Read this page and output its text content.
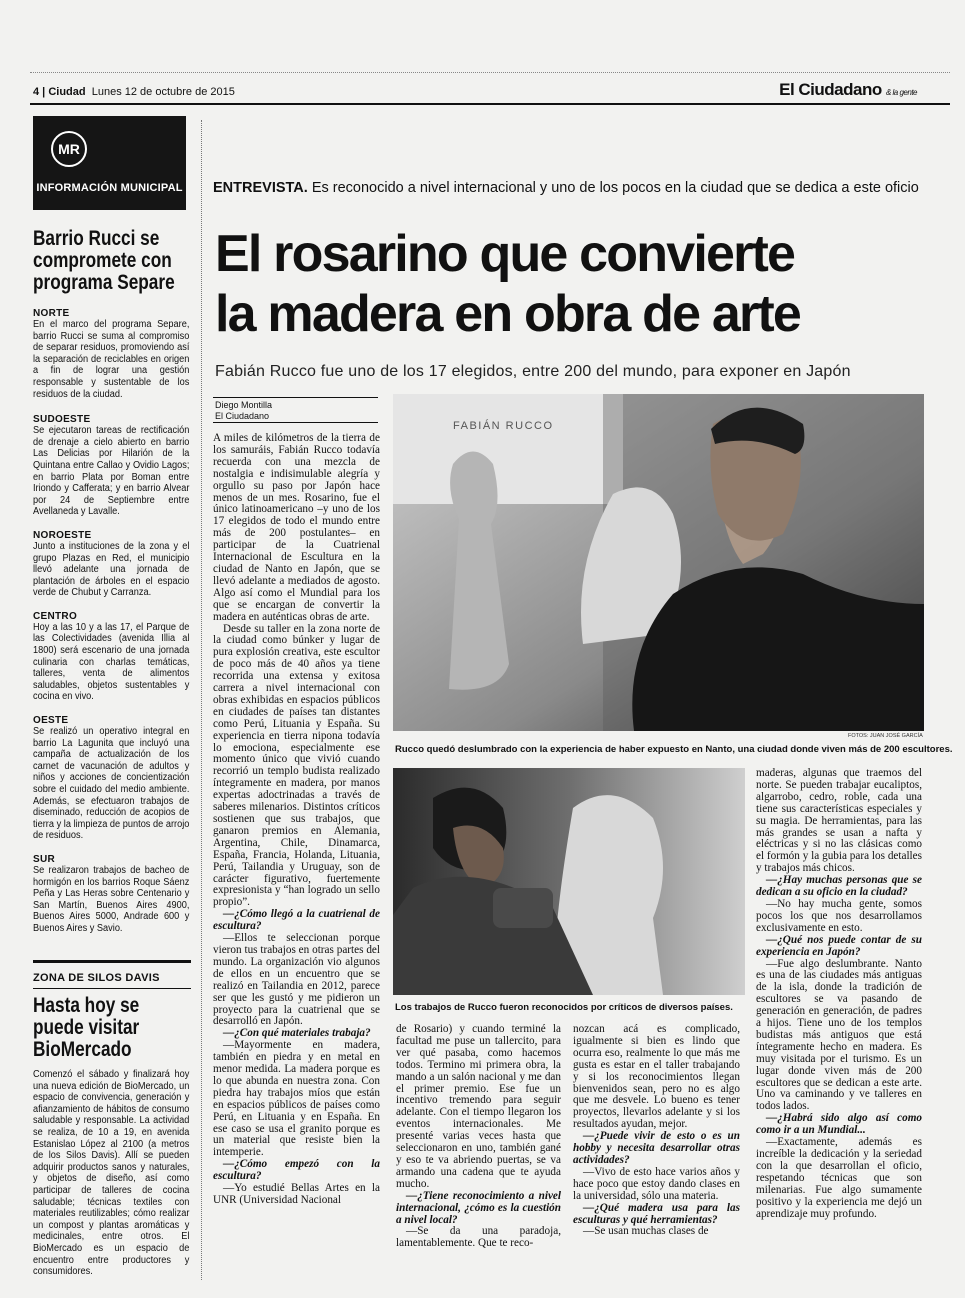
4 | Ciudad Lunes 12 de octubre de 2015	El Ciudadano & la gente
MR
INFORMACIÓN MUNICIPAL
Barrio Rucci se compromete con programa Separe
NORTE

En el marco del programa Separe, barrio Rucci se suma al compromiso de separar residuos, promoviendo así la separación de reciclables en origen a fin de lograr una gestión responsable y sustentable de los residuos de la ciudad.

SUDOESTE

Se ejecutaron tareas de rectificación de drenaje a cielo abierto en barrio Las Delicias por Hilarión de la Quintana entre Callao y Ovidio Lagos; en barrio Plata por Boman entre Iriondo y Cafferata; y en barrio Alvear por 24 de Septiembre entre Avellaneda y Lavalle.

NOROESTE

Junto a instituciones de la zona y el grupo Plazas en Red, el municipio llevó adelante una jornada de plantación de árboles en el espacio verde de Chubut y Carranza.

CENTRO

Hoy a las 10 y a las 17, el Parque de las Colectividades (avenida Illia al 1800) será escenario de una jornada culinaria con charlas temáticas, talleres, venta de alimentos saludables, objetos sustentables y cocina en vivo.

OESTE

Se realizó un operativo integral en barrio La Lagunita que incluyó una campaña de actualización de los carnet de vacunación de adultos y niños y acciones de concientización sobre el cuidado del medio ambiente. Además, se efectuaron trabajos de diseminado, reducción de acopios de tierra y la limpieza de puntos de arrojo de residuos.

SUR

Se realizaron trabajos de bacheo de hormigón en los barrios Roque Sáenz Peña y Las Heras sobre Centenario y San Martín, Buenos Aires 4900, Buenos Aires 5000, Andrade 600 y Buenos Aires y Savio.

ZONA DE SILOS DAVIS
Hasta hoy se puede visitar BioMercado

Comenzó el sábado y finalizará hoy una nueva edición de BioMercado, un espacio de convivencia, generación y afianzamiento de hábitos de consumo saludable y responsable. La actividad se realiza, de 10 a 19, en avenida Estanislao López al 2100 (a metros de los Silos Davis). Allí se pueden adquirir productos sanos y naturales, y objetos de diseño, así como participar de talleres de cocina saludable; técnicas textiles con materiales reutilizables; cómo realizar un compost y plantas aromáticas y medicinales, entre otros. El BioMercado es un espacio de encuentro entre productores y consumidores.

ENTREVISTA. Es reconocido a nivel internacional y uno de los pocos en la ciudad que se dedica a este oficio
El rosarino que convierte
la madera en obra de arte
Fabián Rucco fue uno de los 17 elegidos, entre 200 del mundo, para exponer en Japón
Diego Montilla
El Ciudadano
FABIÁN RUCCO
FOTOS: JUAN JOSÉ GARCÍA
Rucco quedó deslumbrado con la experiencia de haber expuesto en Nanto, una ciudad donde viven más de 200 escultores.
Los trabajos de Rucco fueron reconocidos por críticos de diversos países.

A miles de kilómetros de la tierra de los samuráis, Fabián Rucco todavía recuerda con una mezcla de nostalgia e indisimulable alegría y orgullo su paso por Japón hace menos de un mes. Rosarino, fue el único latinoamericano –y uno de los 17 elegidos de todo el mundo entre más de 200 postulantes– en participar de la Cuatrienal Internacional de Escultura en la ciudad de Nanto en Japón, que se llevó adelante a mediados de agosto. Algo así como el Mundial para los que se encargan de convertir la madera en auténticas obras de arte.

Desde su taller en la zona norte de la ciudad como búnker y lugar de pura explosión creativa, este escultor de poco más de 40 años ya tiene recorrida una extensa y exitosa carrera a nivel internacional con obras exhibidas en espacios públicos en ciudades de países tan distantes como Perú, Lituania y España. Su experiencia en tierra nipona todavía lo emociona, especialmente ese momento único que vivió cuando recorrió un templo budista realizado íntegramente en madera, por manos expertas adoctrinadas a través de saberes milenarios. Distintos críticos sostienen que sus trabajos, que ganaron premios en Alemania, Argentina, Chile, Dinamarca, España, Francia, Holanda, Lituania, Perú, Tailandia y Uruguay, son de carácter figurativo, fuertemente expresionista y “han logrado un sello propio”.

—¿Cómo llegó a la cuatrienal de escultura?

—Ellos te seleccionan porque vieron tus trabajos en otras partes del mundo. La organización vio algunos de ellos en un encuentro que se realizó en Tailandia en 2012, parece ser que les gustó y me pidieron un proyecto para la cuatrienal que se desarrolló en Japón.

—¿Con qué materiales trabaja?

—Mayormente en madera, también en piedra y en metal en menor medida. La madera porque es lo que abunda en nuestra zona. Con piedra hay trabajos míos que están en espacios públicos de países como Perú, en Lituania y en España. En ese caso se usa el granito porque es un material que resiste bien la intemperie.

—¿Cómo empezó con la escultura?

—Yo estudié Bellas Artes en la UNR (Universidad Nacional

de Rosario) y cuando terminé la facultad me puse un tallercito, para ver qué pasaba, como hacemos todos. Termino mi primera obra, la mando a un salón nacional y me dan el primer premio. Ese fue un incentivo tremendo para seguir adelante. Con el tiempo llegaron los eventos internacionales. Me presenté varias veces hasta que seleccionaron en uno, también gané y eso te va abriendo puertas, se va armando una cadena que te ayuda mucho.

—¿Tiene reconocimiento a nivel internacional, ¿cómo es la cuestión a nivel local?

—Se da una paradoja, lamentablemente. Que te reco-

nozcan acá es complicado, igualmente si bien es lindo que ocurra eso, realmente lo que más me gusta es estar en el taller trabajando y si los reconocimientos llegan bienvenidos sean, pero no es algo que me desvele. Lo bueno es tener proyectos, llevarlos adelante y si los resultados ayudan, mejor.

—¿Puede vivir de esto o es un hobby y necesita desarrollar otras actividades?

—Vivo de esto hace varios años y hace poco que estoy dando clases en la universidad, sólo una materia.

—¿Qué madera usa para las esculturas y qué herramientas?

—Se usan muchas clases de

maderas, algunas que traemos del norte. Se pueden trabajar eucaliptos, algarrobo, cedro, roble, cada una tiene sus características especiales y su magia. De herramientas, para las más grandes se usan a nafta y eléctricas y si no las clásicas como el formón y la gubia para los detalles y trabajos más chicos.

—¿Hay muchas personas que se dedican a su oficio en la ciudad?

—No hay mucha gente, somos pocos los que nos desarrollamos exclusivamente en esto.

—¿Qué nos puede contar de su experiencia en Japón?

—Fue algo deslumbrante. Nanto es una de las ciudades más antiguas de la isla, donde la tradición de escultores se va pasando de generación en generación, de padres a hijos. Tiene uno de los templos budistas más antiguos que está íntegramente hecho en madera. Es muy visitada por el turismo. Es un lugar donde viven más de 200 escultores que se dedican a este arte. Uno va caminando y ve talleres en todos lados.

—¿Habrá sido algo así como como ir a un Mundial...

—Exactamente, además es increíble la dedicación y la seriedad con la que desarrollan el oficio, respetando técnicas que son milenarias. Fue algo sumamente positivo y la experiencia me dejó un aprendizaje muy profundo.
